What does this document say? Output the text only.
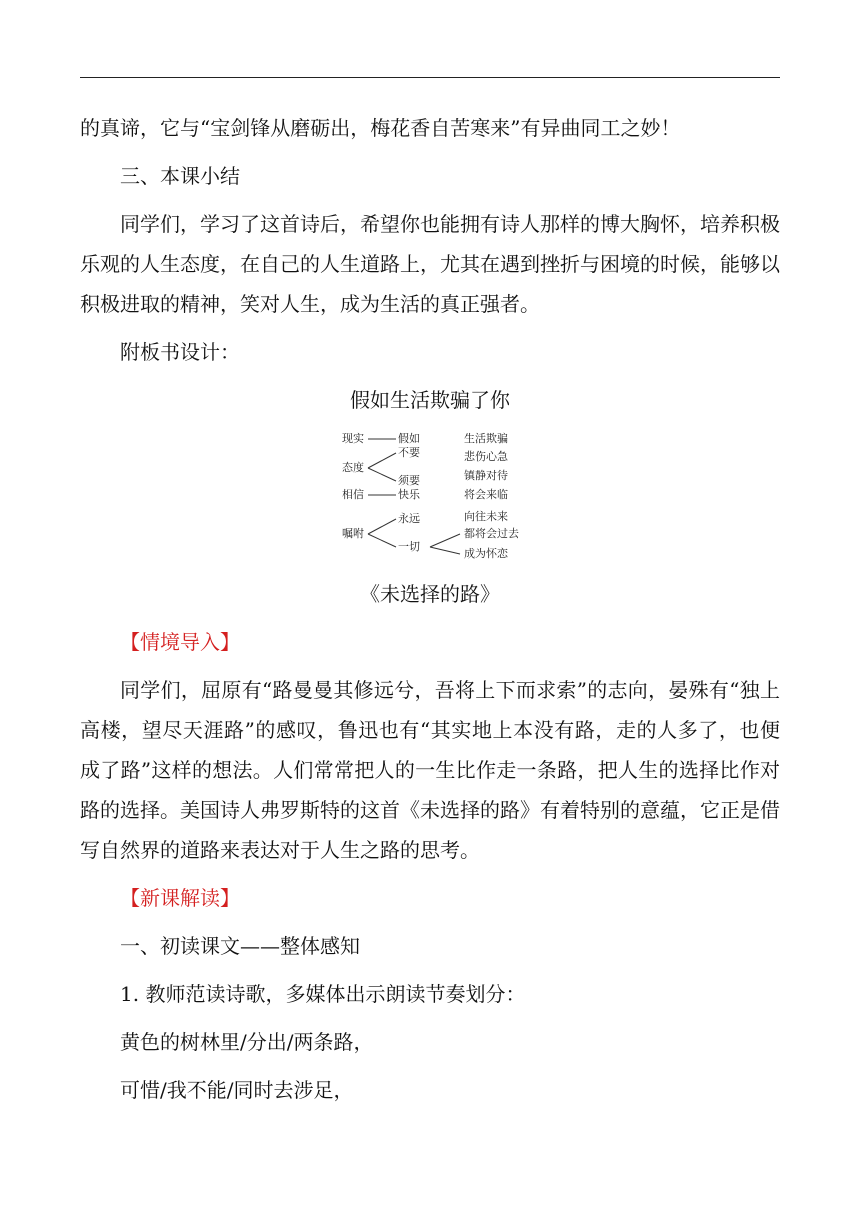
的真谛，它与“宝剑锋从磨砺出，梅花香自苦寒来”有异曲同工之妙！

三、本课小结

同学们，学习了这首诗后，希望你也能拥有诗人那样的博大胸怀，培养积极乐观的人生态度，在自己的人生道路上，尤其在遇到挫折与困境的时候，能够以积极进取的精神，笑对人生，成为生活的真正强者。

附板书设计：

假如生活欺骗了你

现实	假如	生活欺骗
不要
态度
悲伤心急
须要	镇静对待
相信	快乐	将会来临
永远	向往未来
嘱咐
一切
都将会过去
成为怀恋

《未选择的路》

【情境导入】

同学们，屈原有“路曼曼其修远兮，吾将上下而求索”的志向，晏殊有“独上高楼，望尽天涯路”的感叹，鲁迅也有“其实地上本没有路，走的人多了，也便成了路”这样的想法。人们常常把人的一生比作走一条路，把人生的选择比作对路的选择。美国诗人弗罗斯特的这首《未选择的路》有着特别的意蕴，它正是借写自然界的道路来表达对于人生之路的思考。

【新课解读】

一、初读课文——整体感知

1. 教师范读诗歌，多媒体出示朗读节奏划分：

黄色的树林里/分出/两条路，

可惜/我不能/同时去涉足，
